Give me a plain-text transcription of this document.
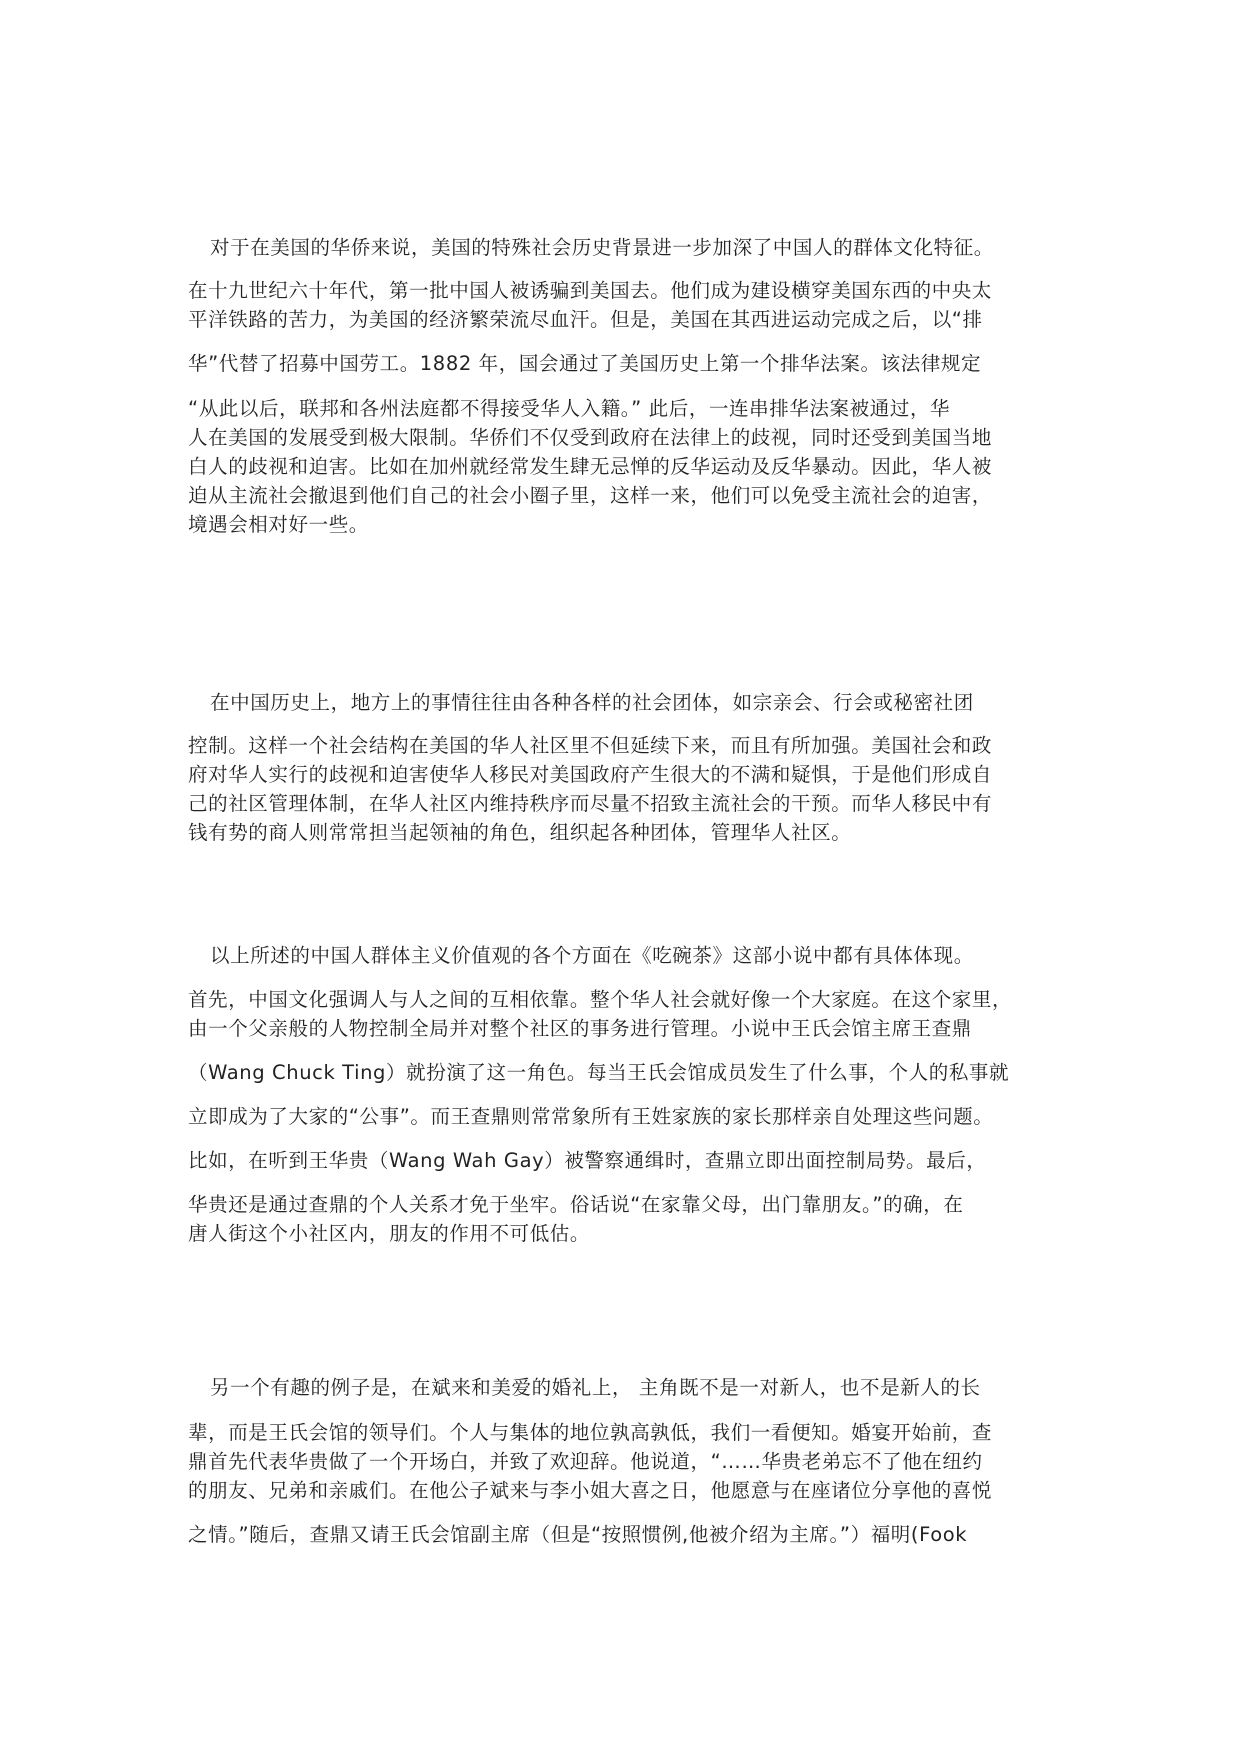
对于在美国的华侨来说，美国的特殊社会历史背景进一步加深了中国人的群体文化特征。
在十九世纪六十年代，第一批中国人被诱骗到美国去。他们成为建设横穿美国东西的中央太
平洋铁路的苦力，为美国的经济繁荣流尽血汗。但是，美国在其西进运动完成之后，以“排
华”代替了招募中国劳工。1882 年，国会通过了美国历史上第一个排华法案。该法律规定
“从此以后，联邦和各州法庭都不得接受华人入籍。” 此后，一连串排华法案被通过，华
人在美国的发展受到极大限制。华侨们不仅受到政府在法律上的歧视，同时还受到美国当地
白人的歧视和迫害。比如在加州就经常发生肆无忌惮的反华运动及反华暴动。因此，华人被
迫从主流社会撤退到他们自己的社会小圈子里，这样一来，他们可以免受主流社会的迫害，
境遇会相对好一些。
在中国历史上，地方上的事情往往由各种各样的社会团体，如宗亲会、行会或秘密社团
控制。这样一个社会结构在美国的华人社区里不但延续下来，而且有所加强。美国社会和政
府对华人实行的歧视和迫害使华人移民对美国政府产生很大的不满和疑惧，于是他们形成自
己的社区管理体制，在华人社区内维持秩序而尽量不招致主流社会的干预。而华人移民中有
钱有势的商人则常常担当起领袖的角色，组织起各种团体，管理华人社区。
以上所述的中国人群体主义价值观的各个方面在《吃碗茶》这部小说中都有具体体现。
首先，中国文化强调人与人之间的互相依靠。整个华人社会就好像一个大家庭。在这个家里，
由一个父亲般的人物控制全局并对整个社区的事务进行管理。小说中王氏会馆主席王查鼎
（Wang Chuck Ting）就扮演了这一角色。每当王氏会馆成员发生了什么事，个人的私事就
立即成为了大家的“公事”。而王查鼎则常常象所有王姓家族的家长那样亲自处理这些问题。
比如，在听到王华贵（Wang Wah Gay）被警察通缉时，查鼎立即出面控制局势。最后，
华贵还是通过查鼎的个人关系才免于坐牢。俗话说“在家靠父母，出门靠朋友。”的确，在
唐人街这个小社区内，朋友的作用不可低估。
另一个有趣的例子是，在斌来和美爱的婚礼上， 主角既不是一对新人，也不是新人的长
辈，而是王氏会馆的领导们。个人与集体的地位孰高孰低，我们一看便知。婚宴开始前，查
鼎首先代表华贵做了一个开场白，并致了欢迎辞。他说道，“……华贵老弟忘不了他在纽约
的朋友、兄弟和亲戚们。在他公子斌来与李小姐大喜之日，他愿意与在座诸位分享他的喜悦
之情。”随后，查鼎又请王氏会馆副主席（但是“按照惯例,他被介绍为主席。”）福明(Fook
